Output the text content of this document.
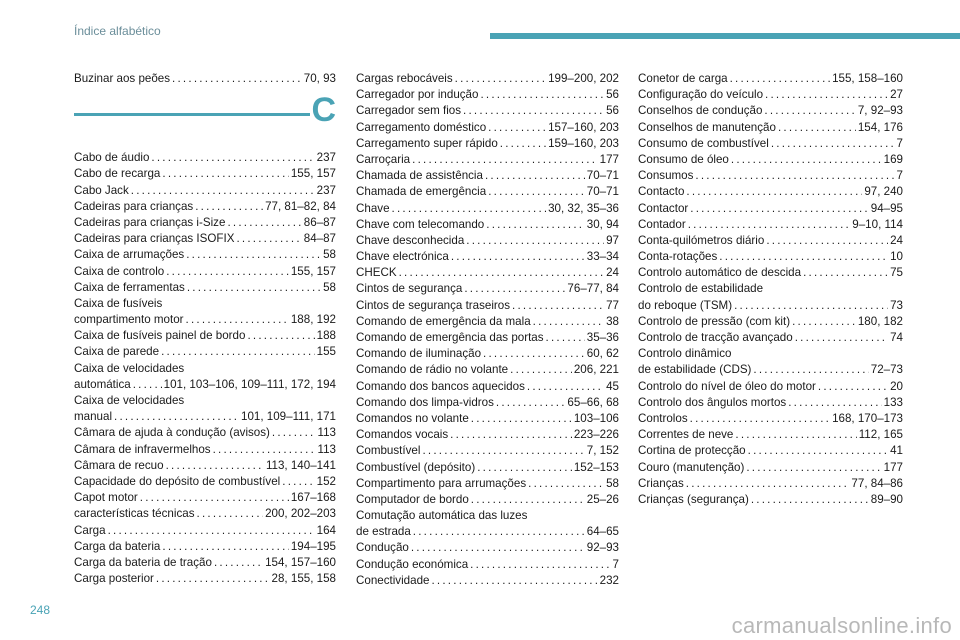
Índice alfabético
Buzinar aos peões . . .	70, 93
C
Cabo de áudio . . .	237
Cabo de recarga . . .	155, 157
Cabo Jack . . .	237
Cadeiras para crianças . . .	77, 81–82, 84
Cadeiras para crianças i-Size . . .	86–87
Cadeiras para crianças ISOFIX . . .	84–87
Caixa de arrumações . . .	58
Caixa de controlo . . .	155, 157
Caixa de ferramentas . . .	58
Caixa de fusíveis
compartimento motor . . .	188, 192
Caixa de fusíveis painel de bordo . . .	188
Caixa de parede . . .	155
Caixa de velocidades
automática . . .	101, 103–106, 109–111, 172, 194
Caixa de velocidades
manual . . .	101, 109–111, 171
Câmara de ajuda à condução (avisos) . . .	113
Câmara de infravermelhos . . .	113
Câmara de recuo . . .	113, 140–141
Capacidade do depósito de combustível . . .	152
Capot motor . . .	167–168
características técnicas . . .	200, 202–203
Carga . . .	164
Carga da bateria . . .	194–195
Carga da bateria de tração . . .	154, 157–160
Carga posterior . . .	28, 155, 158
Cargas rebocáveis . . .	199–200, 202
Carregador por indução . . .	56
Carregador sem fios . . .	56
Carregamento doméstico . . .	157–160, 203
Carregamento super rápido . . .	159–160, 203
Carroçaria . . .	177
Chamada de assistência . . .	70–71
Chamada de emergência . . .	70–71
Chave . . .	30, 32, 35–36
Chave com telecomando . . .	30, 94
Chave desconhecida . . .	97
Chave electrónica . . .	33–34
CHECK . . .	24
Cintos de segurança . . .	76–77, 84
Cintos de segurança traseiros . . .	77
Comando de emergência da mala . . .	38
Comando de emergência das portas . . .	35–36
Comando de iluminação . . .	60, 62
Comando de rádio no volante . . .	206, 221
Comando dos bancos aquecidos . . .	45
Comando dos limpa-vidros . . .	65–66, 68
Comandos no volante . . .	103–106
Comandos vocais . . .	223–226
Combustível . . .	7, 152
Combustível (depósito) . . .	152–153
Compartimento para arrumações . . .	58
Computador de bordo . . .	25–26
Comutação automática das luzes
de estrada . . .	64–65
Condução . . .	92–93
Condução económica . . .	7
Conectividade . . .	232
Conetor de carga . . .	155, 158–160
Configuração do veículo . . .	27
Conselhos de condução . . .	7, 92–93
Conselhos de manutenção . . .	154, 176
Consumo de combustível . . .	7
Consumo de óleo . . .	169
Consumos . . .	7
Contacto . . .	97, 240
Contactor . . .	94–95
Contador . . .	9–10, 114
Conta-quilómetros diário . . .	24
Conta-rotações . . .	10
Controlo automático de descida . . .	75
Controlo de estabilidade
do reboque (TSM) . . .	73
Controlo de pressão (com kit) . . .	180, 182
Controlo de tracção avançado . . .	74
Controlo dinâmico
de estabilidade (CDS) . . .	72–73
Controlo do nível de óleo do motor . . .	20
Controlo dos ângulos mortos . . .	133
Controlos . . .	168, 170–173
Correntes de neve . . .	112, 165
Cortina de protecção . . .	41
Couro (manutenção) . . .	177
Crianças . . .	77, 84–86
Crianças (segurança) . . .	89–90
248
carmanualsonline.info
